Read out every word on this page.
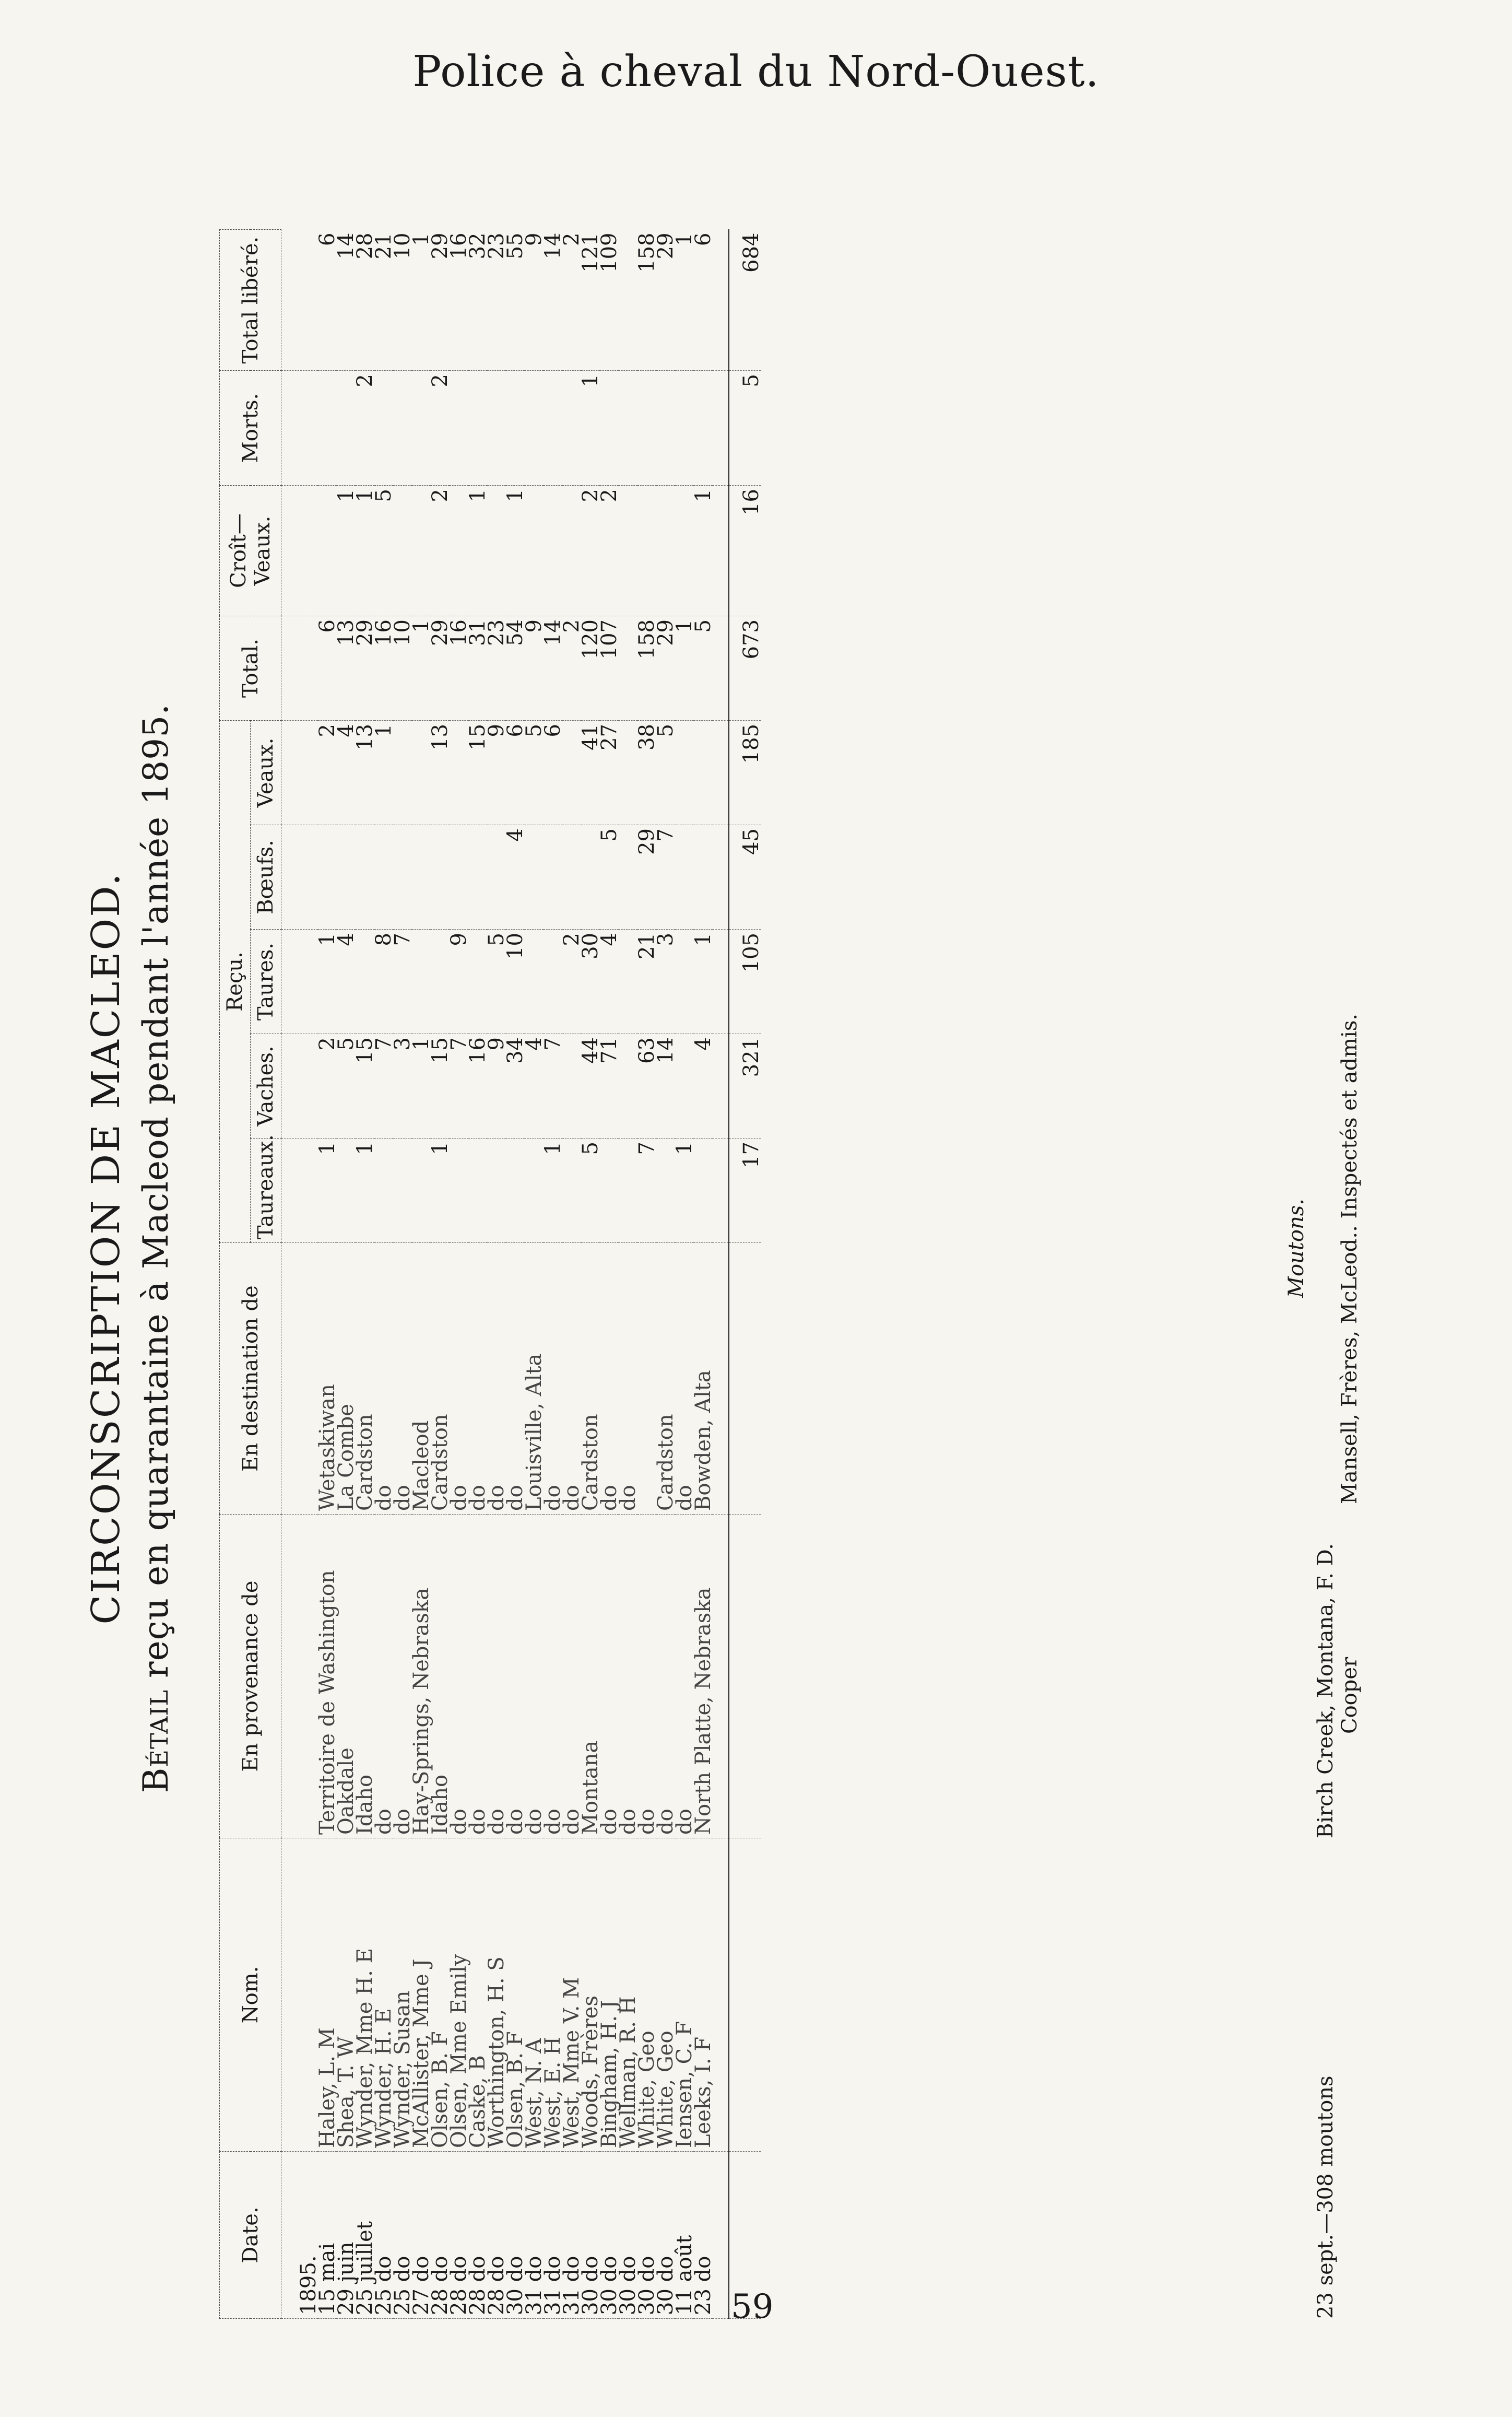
Police à cheval du Nord-Ouest.
CIRCONSCRIPTION DE MACLEOD.
Bétail reçu en quarantaine à Macleod pendant l'année 1895.
Date.	Nom.	En provenance de	En destination de	Reçu.					Total.	Croît—Veaux.	Morts.	Total libéré.
				Taureaux.	Vaches.	Taures.	Bœufs.	Veaux.				
1895.												
15 mai	Haley, L. M	Territoire de Washington	Wetaskiwan	1	2	1		2	6			6
29 juin	Shea, T. W	Oakdale	La Combe		5	4		4	13	1		14
25 juillet	Wynder, Mme H. E	Idaho	Cardston	1	15			13	29	1	2	28
25 do	Wynder, H. E	do	do		7	8		1	16	5		21
25 do	Wynder, Susan	do	do		3	7			10			10
27 do	McAllister, Mme J	Hay-Springs, Nebraska	Macleod		1				1			1
28 do	Olsen, B. F	Idaho	Cardston	1	15			13	29	2	2	29
28 do	Olsen, Mme Emily	do	do		7	9			16			16
28 do	Caske, B	do	do		16			15	31	1		32
28 do	Worthington, H. S	do	do		9	5		9	23			23
30 do	Olsen, B. F	do	do		34	10	4	6	54	1		55
31 do	West, N. A	do	Louisville, Alta		4			5	9			9
31 do	West, E. H	do	do	1	7			6	14			14
31 do	West, Mme V. M	do	do			2			2			2
30 do	Woods, Frères	Montana	Cardston	5	44	30		41	120	2	1	121
30 do	Bingham, H. J	do	do		71	4	5	27	107	2		109
30 do	Wellman, R. H	do	do									
30 do	White, Geo	do		7	63	21	29	38	158			158
30 do	White, Geo	do	Cardston		14	3	7	5	29			29
11 août	Iensen, C. F	do	do	1					1			1
23 do	Leeks, I. F	North Platte, Nebraska	Bowden, Alta		4	1			5	1		6

				17	321	105	45	185	673	16	5	684
Moutons.
23 sept.—308 moutons
Birch Creek, Montana, F. D. Cooper
Mansell, Frères, McLeod.. Inspectés et admis.
59
